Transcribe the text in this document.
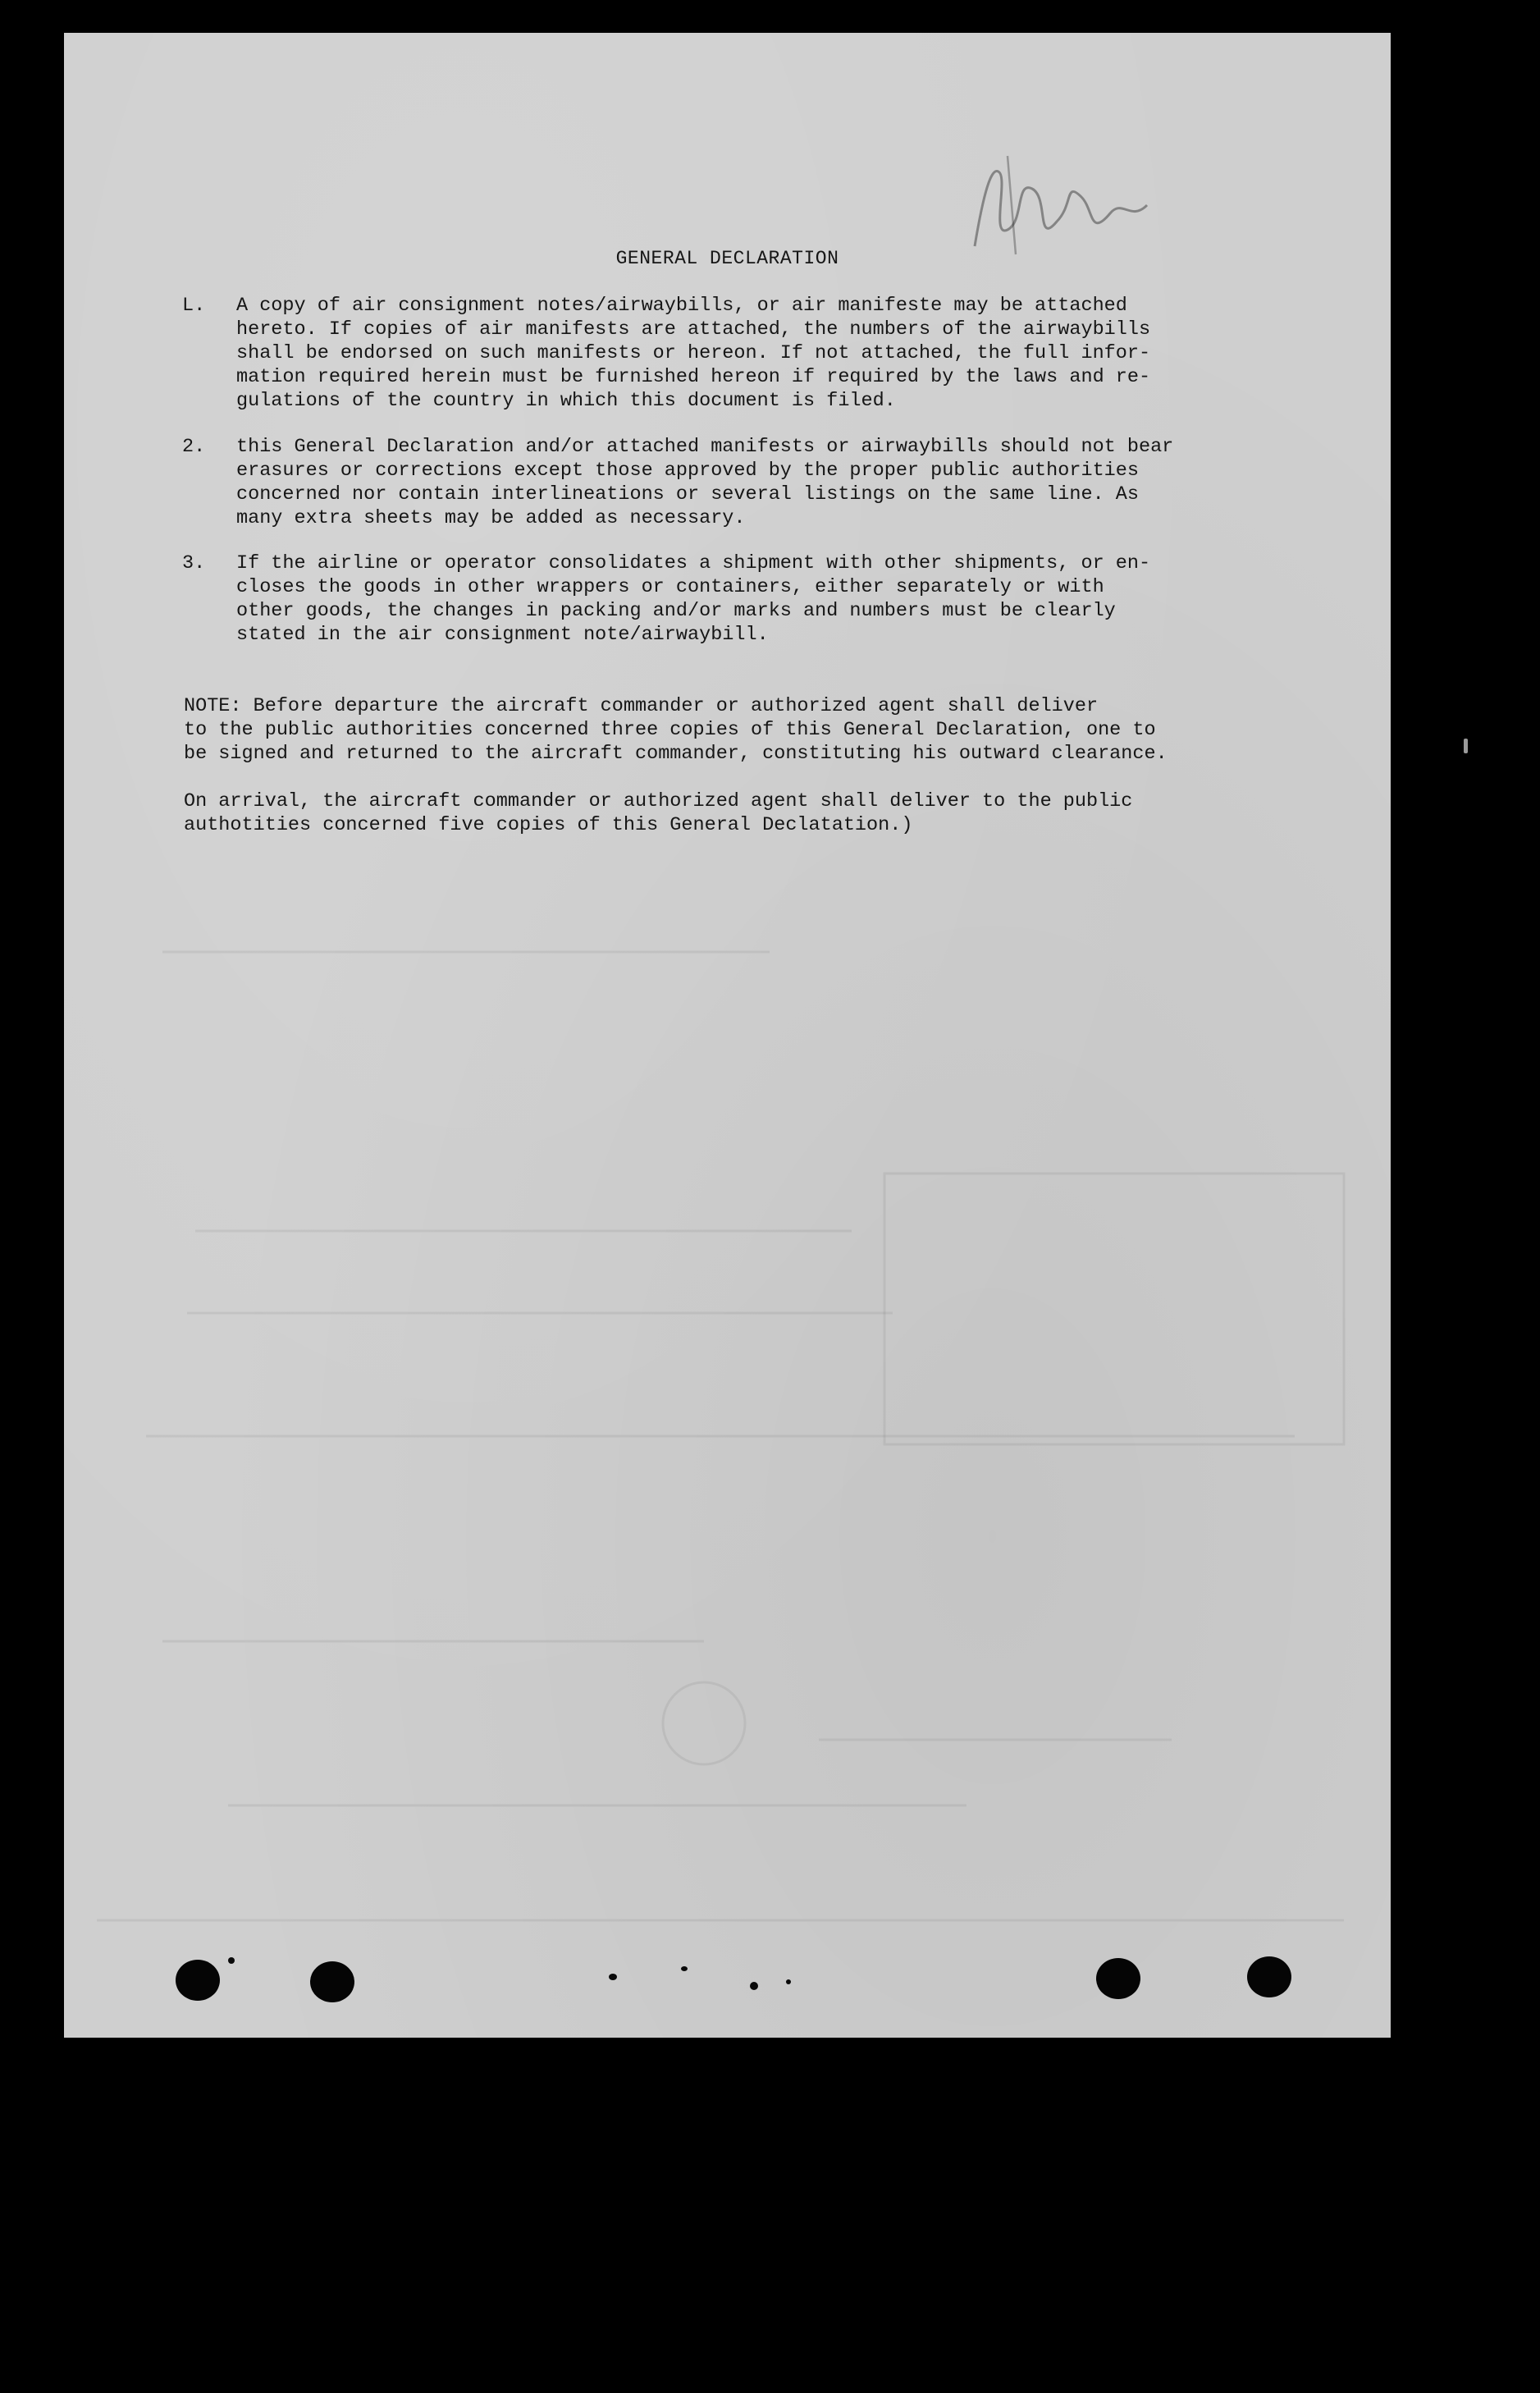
GENERAL DECLARATION
L.	A copy of air consignment notes/airwaybills, or air manifeste may be attached
hereto. If copies of air manifests are attached, the numbers of the airwaybills
shall be endorsed on such manifests or hereon. If not attached, the full infor-
mation required herein must be furnished hereon if required by the laws and re-
gulations of the country in which this document is filed.
2.	this General Declaration and/or attached manifests or airwaybills should not bear
erasures or corrections except those approved by the proper public authorities
concerned nor contain interlineations or several listings on the same line. As
many extra sheets may be added as necessary.
3.	If the airline or operator consolidates a shipment with other shipments, or en-
closes the goods in other wrappers or containers, either separately or with
other goods, the changes in packing and/or marks and numbers must be clearly
stated in the air consignment note/airwaybill.
NOTE: Before departure the aircraft commander or authorized agent shall deliver
to the public authorities concerned three copies of this General Declaration, one to
be signed and returned to the aircraft commander, constituting his outward clearance.
On arrival, the aircraft commander or authorized agent shall deliver to the public
authotities concerned five copies of this General Declatation.)
